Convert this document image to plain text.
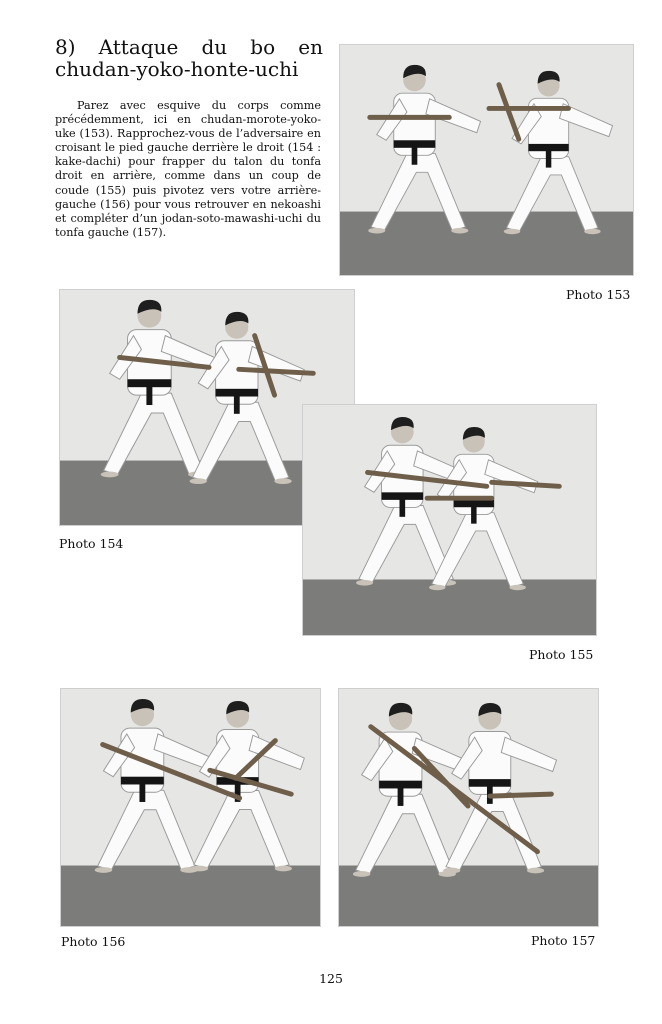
8) Attaque du bo en
chudan-yoko-honte-uchi

Parez avec esquive du corps comme précédemment, ici en chudan-morote-yoko-uke (153). Rapprochez-vous de l’adversaire en croisant le pied gauche derrière le droit (154 : kake-dachi) pour frapper du talon du tonfa droit en arrière, comme dans un coup de coude (155) puis pivotez vers votre arrière-gauche (156) pour vous retrouver en nekoashi et compléter d’un jodan-soto-mawashi-uchi du tonfa gauche (157).

Photo 153
Photo 154
Photo 155
Photo 156	Photo 157
125
